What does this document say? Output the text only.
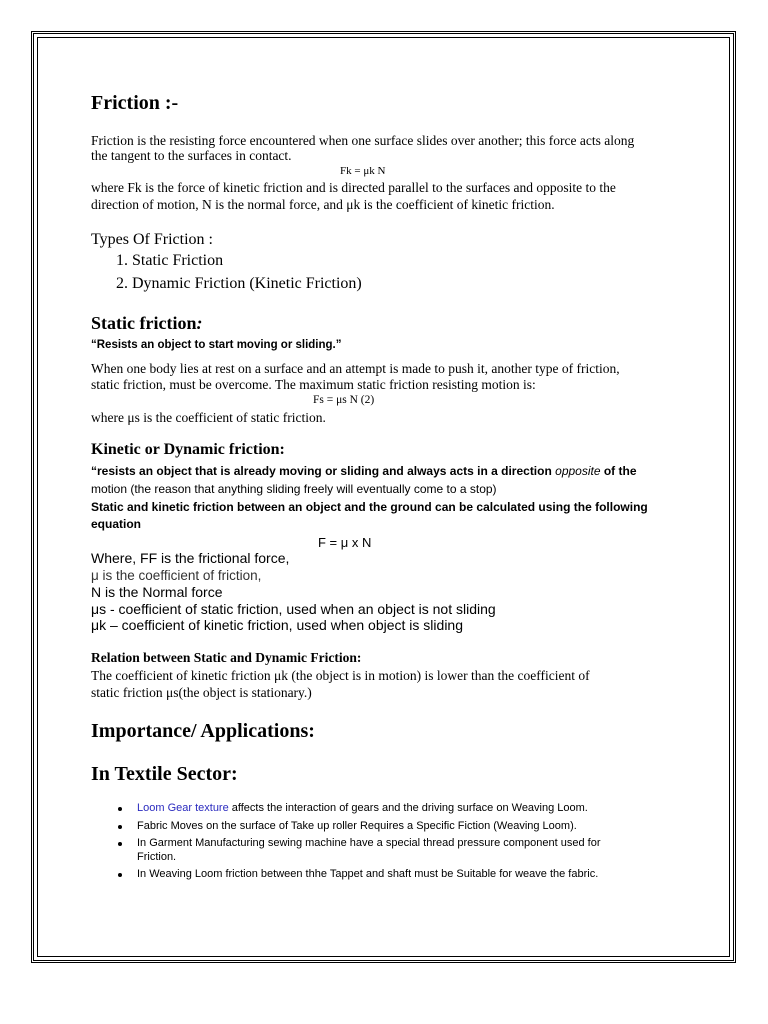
Friction :-
Friction is the resisting force encountered when one surface slides over another; this force acts along
the tangent to the surfaces in contact.
Fk = μk N
where Fk is the force of kinetic friction and is directed parallel to the surfaces and opposite to the
direction of motion, N is the normal force, and μk is the coefficient of kinetic friction.
Types Of Friction :
1. Static Friction
2. Dynamic Friction (Kinetic Friction)
Static friction:
“Resists an object to start moving or sliding.”
When one body lies at rest on a surface and an attempt is made to push it, another type of friction,
static friction, must be overcome. The maximum static friction resisting motion is:
Fs = μs N (2)
where μs is the coefficient of static friction.
Kinetic or Dynamic friction:
“resists an object that is already moving or sliding and always acts in a direction opposite of the
motion (the reason that anything sliding freely will eventually come to a stop)
Static and kinetic friction between an object and the ground can be calculated using the following
equation
F = μ x N
Where, FF is the frictional force,
μ is the coefficient of friction,
N is the Normal force
μs - coefficient of static friction, used when an object is not sliding
μk – coefficient of kinetic friction, used when object is sliding
Relation between Static and Dynamic Friction:
The coefficient of kinetic friction μk (the object is in motion) is lower than the coefficient of
static friction μs(the object is stationary.)
Importance/ Applications:
In Textile Sector:
Loom Gear texture affects the interaction of gears and the driving surface on Weaving Loom.
Fabric Moves on the surface of Take up roller Requires a Specific Fiction (Weaving Loom).
In Garment Manufacturing sewing machine have a special thread pressure component used for
Friction.
In Weaving Loom friction between thhe Tappet and shaft must be Suitable for weave the fabric.
